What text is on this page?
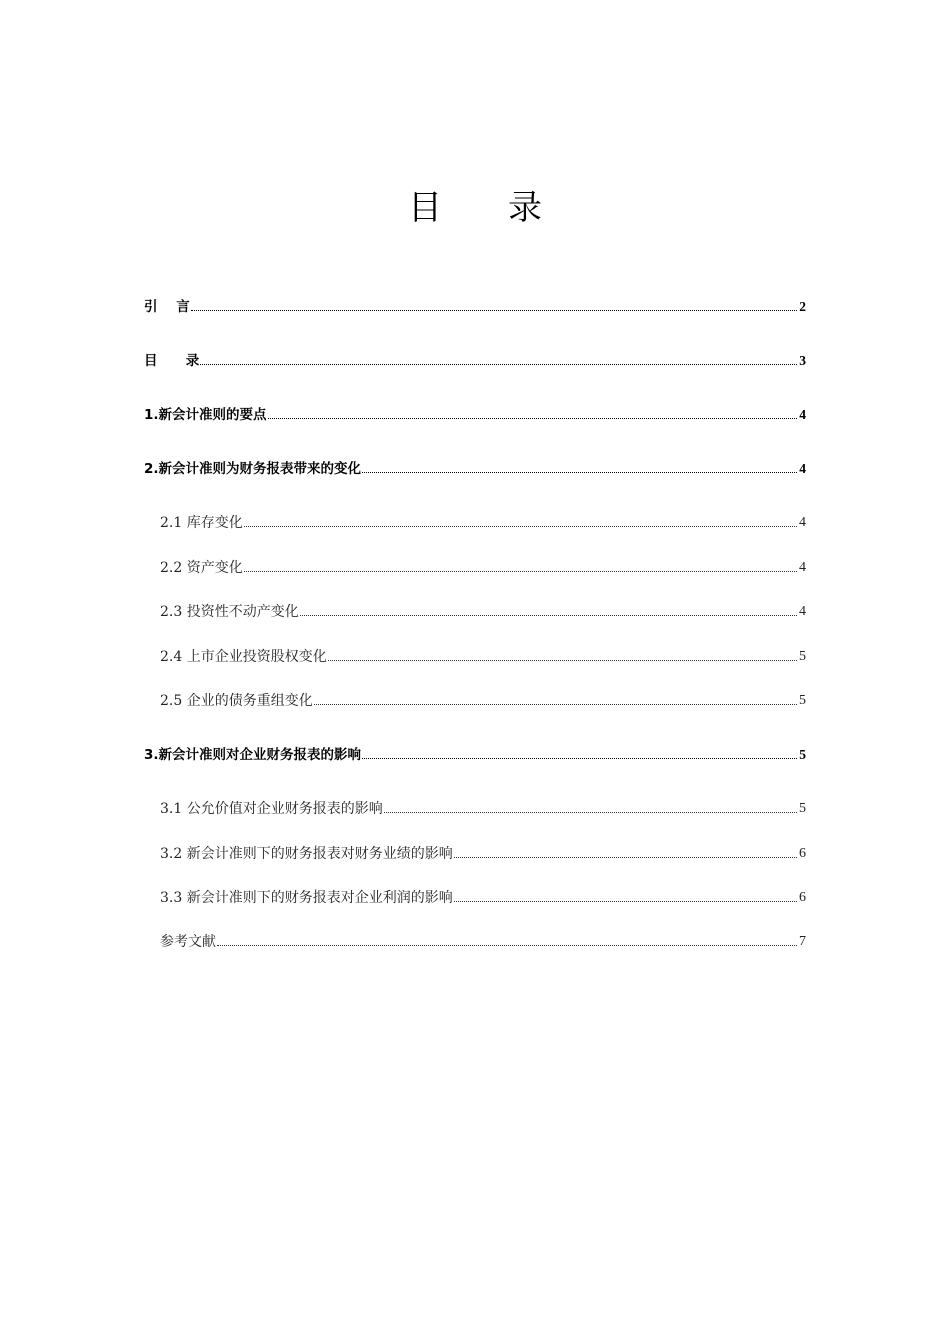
目 录
引    言	2
目      录	3
1.新会计准则的要点	4
2.新会计准则为财务报表带来的变化	4
2.1 库存变化	4
2.2 资产变化	4
2.3 投资性不动产变化	4
2.4 上市企业投资股权变化	5
2.5 企业的债务重组变化	5
3.新会计准则对企业财务报表的影响	5
3.1 公允价值对企业财务报表的影响	5
3.2 新会计准则下的财务报表对财务业绩的影响	6
3.3 新会计准则下的财务报表对企业利润的影响	6
参考文献	7
